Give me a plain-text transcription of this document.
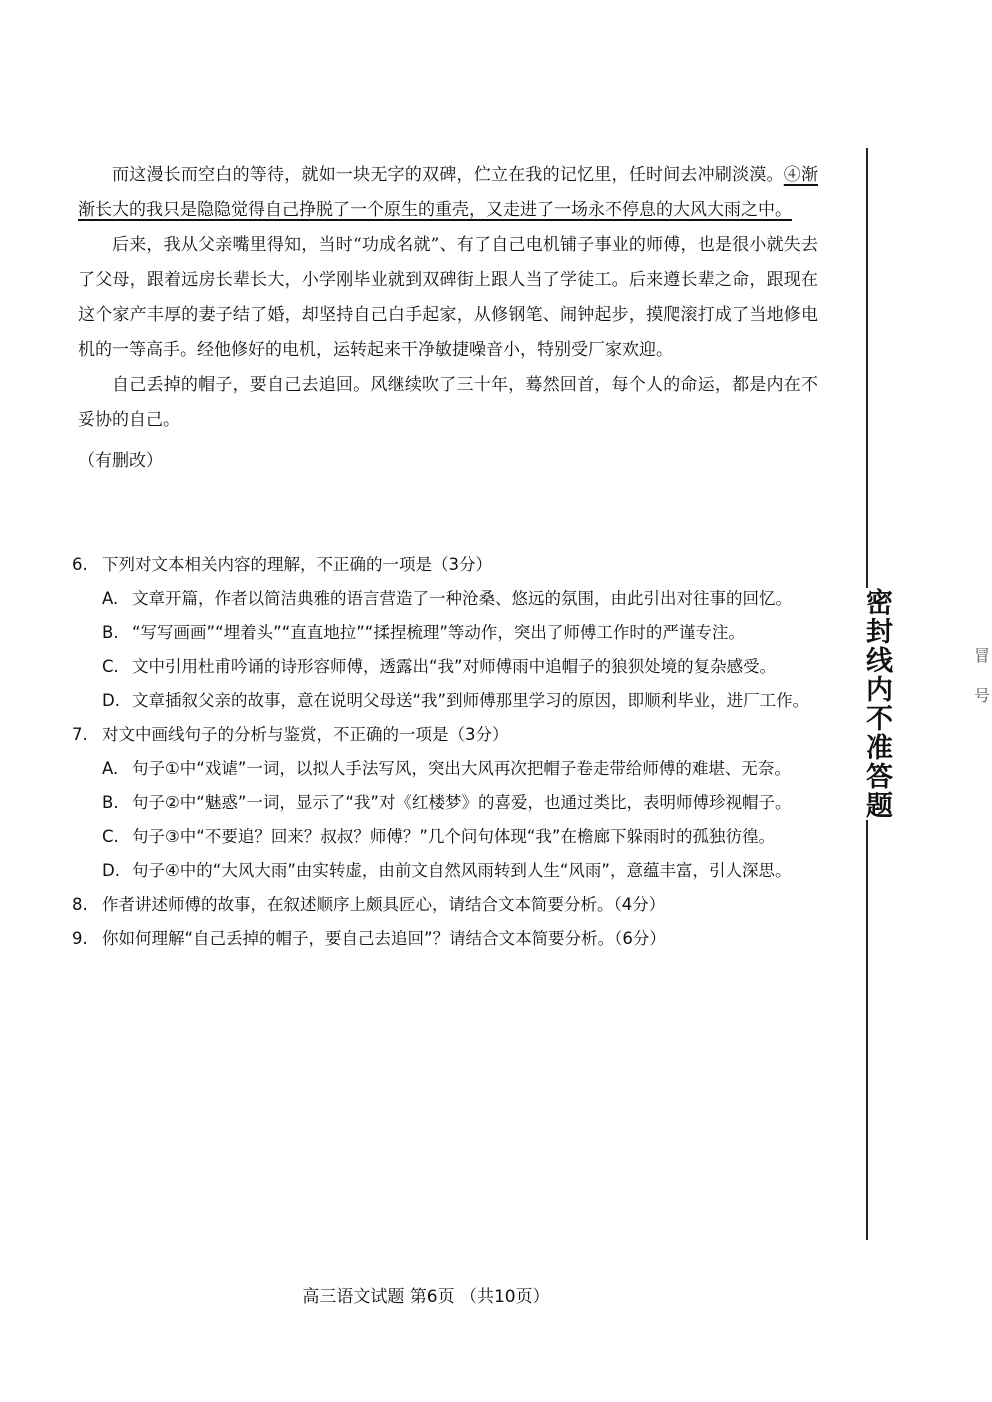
而这漫长而空白的等待，就如一块无字的双碑，伫立在我的记忆里，任时间去冲刷淡漠。④渐渐长大的我只是隐隐觉得自己挣脱了一个原生的重壳，又走进了一场永不停息的大风大雨之中。

后来，我从父亲嘴里得知，当时“功成名就”、有了自己电机铺子事业的师傅，也是很小就失去了父母，跟着远房长辈长大，小学刚毕业就到双碑街上跟人当了学徒工。后来遵长辈之命，跟现在这个家产丰厚的妻子结了婚，却坚持自己白手起家，从修钢笔、闹钟起步，摸爬滚打成了当地修电机的一等高手。经他修好的电机，运转起来干净敏捷噪音小，特别受厂家欢迎。

自己丢掉的帽子，要自己去追回。风继续吹了三十年，蓦然回首，每个人的命运，都是内在不妥协的自己。

（有删改）

6. 下列对文本相关内容的理解，不正确的一项是（3分）
A. 文章开篇，作者以简洁典雅的语言营造了一种沧桑、悠远的氛围，由此引出对往事的回忆。
B. “写写画画”“埋着头”“直直地拉”“揉捏梳理”等动作，突出了师傅工作时的严谨专注。
C. 文中引用杜甫吟诵的诗形容师傅，透露出“我”对师傅雨中追帽子的狼狈处境的复杂感受。
D. 文章插叙父亲的故事，意在说明父母送“我”到师傅那里学习的原因，即顺利毕业，进厂工作。
7. 对文中画线句子的分析与鉴赏，不正确的一项是（3分）
A. 句子①中“戏谑”一词，以拟人手法写风，突出大风再次把帽子卷走带给师傅的难堪、无奈。
B. 句子②中“魅惑”一词，显示了“我”对《红楼梦》的喜爱，也通过类比，表明师傅珍视帽子。
C. 句子③中“不要追？回来？叔叔？师傅？”几个问句体现“我”在檐廊下躲雨时的孤独彷徨。
D. 句子④中的“大风大雨”由实转虚，由前文自然风雨转到人生“风雨”，意蕴丰富，引人深思。
8. 作者讲述师傅的故事，在叙述顺序上颇具匠心，请结合文本简要分析。（4分）
9. 你如何理解“自己丢掉的帽子，要自己去追回”？请结合文本简要分析。（6分）
密封线内不准答题	冒
号
高三语文试题 第6页 （共10页）
